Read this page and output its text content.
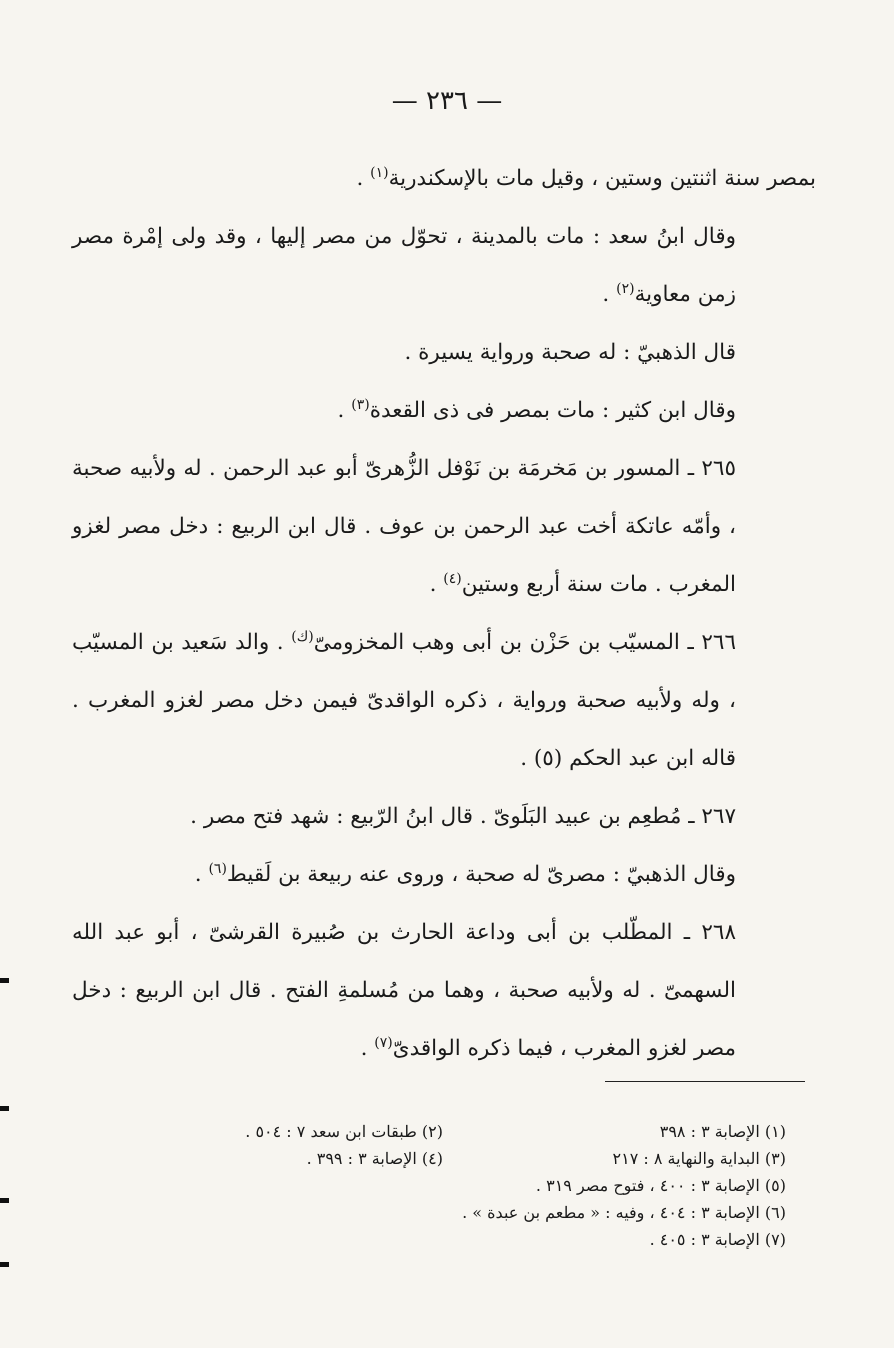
— ٢٣٦ —

بمصر سنة اثنتين وستين ، وقيل مات بالإسكندرية$^{(١)}$ .

وقال ابنُ سعد : مات بالمدينة ، تحوّل من مصر إليها ، وقد ولى إمْرة مصر زمن معاوية$^{(٢)}$ .

قال الذهبيّ : له صحبة ورواية يسيرة .

وقال ابن كثير : مات بمصر فى ذى القعدة$^{(٣)}$ .

٢٦٥ ـ المسور بن مَخرمَة بن نَوْفل الزُّهرىّ أبو عبد الرحمن . له ولأبيه صحبة ، وأمّه عاتكة أخت عبد الرحمن بن عوف . قال ابن الربيع : دخل مصر لغزو المغرب . مات سنة أربع وستين$^{(٤)}$ .

٢٦٦ ـ المسيّب بن حَزْن بن أبى وهب المخزومىّ$^{(ك)}$ . والد سَعيد بن المسيّب ، وله ولأبيه صحبة ورواية ، ذكره الواقدىّ فيمن دخل مصر لغزو المغرب . قاله ابن عبد الحكم (٥) .

٢٦٧ ـ مُطعِم بن عبيد البَلَوىّ . قال ابنُ الرّبيع : شهد فتح مصر .

وقال الذهبيّ : مصرىّ له صحبة ، وروى عنه ربيعة بن لَقيط$^{(٦)}$ .

٢٦٨ ـ المطّلب بن أبى وداعة الحارث بن صُبيرة القرشىّ ، أبو عبد الله السهمىّ . له ولأبيه صحبة ، وهما من مُسلمةِ الفتح . قال ابن الربيع : دخل مصر لغزو المغرب ، فيما ذكره الواقدىّ$^{(٧)}$ .

(١) الإصابة ٣ : ٣٩٨
(٢) طبقات ابن سعد ٧ : ٥٠٤ .
(٣) البداية والنهاية ٨ : ٢١٧
(٤) الإصابة ٣ : ٣٩٩ .
(٥) الإصابة ٣ : ٤٠٠ ، فتوح مصر ٣١٩ .
(٦) الإصابة ٣ : ٤٠٤ ، وفيه : « مطعم بن عبدة » .
(٧) الإصابة ٣ : ٤٠٥ .
